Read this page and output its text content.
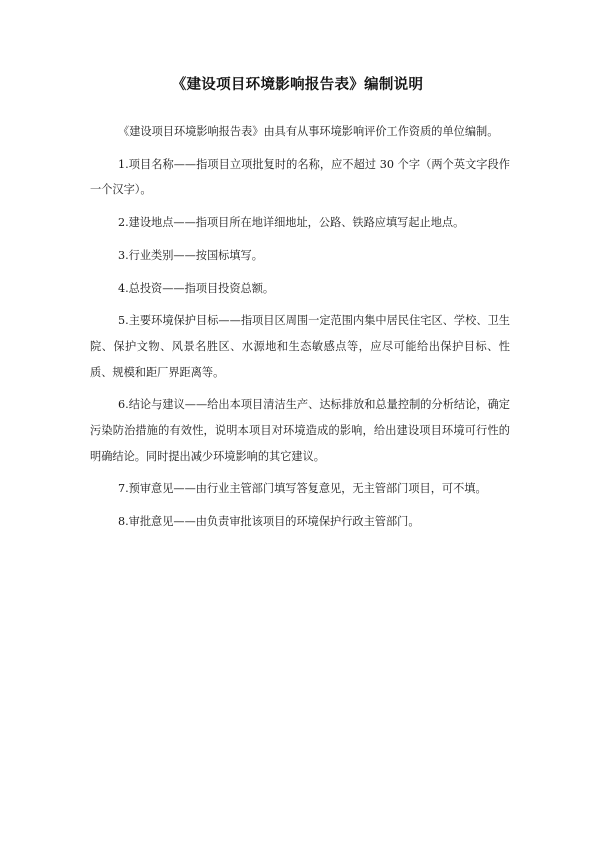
《建设项目环境影响报告表》编制说明

《建设项目环境影响报告表》由具有从事环境影响评价工作资质的单位编制。

1.项目名称——指项目立项批复时的名称，应不超过 30 个字（两个英文字段作一个汉字）。

2.建设地点——指项目所在地详细地址，公路、铁路应填写起止地点。

3.行业类别——按国标填写。

4.总投资——指项目投资总额。

5.主要环境保护目标——指项目区周围一定范围内集中居民住宅区、学校、卫生院、保护文物、风景名胜区、水源地和生态敏感点等，应尽可能给出保护目标、性质、规模和距厂界距离等。

6.结论与建议——给出本项目清洁生产、达标排放和总量控制的分析结论，确定污染防治措施的有效性，说明本项目对环境造成的影响，给出建设项目环境可行性的明确结论。同时提出减少环境影响的其它建议。

7.预审意见——由行业主管部门填写答复意见，无主管部门项目，可不填。

8.审批意见——由负责审批该项目的环境保护行政主管部门。
